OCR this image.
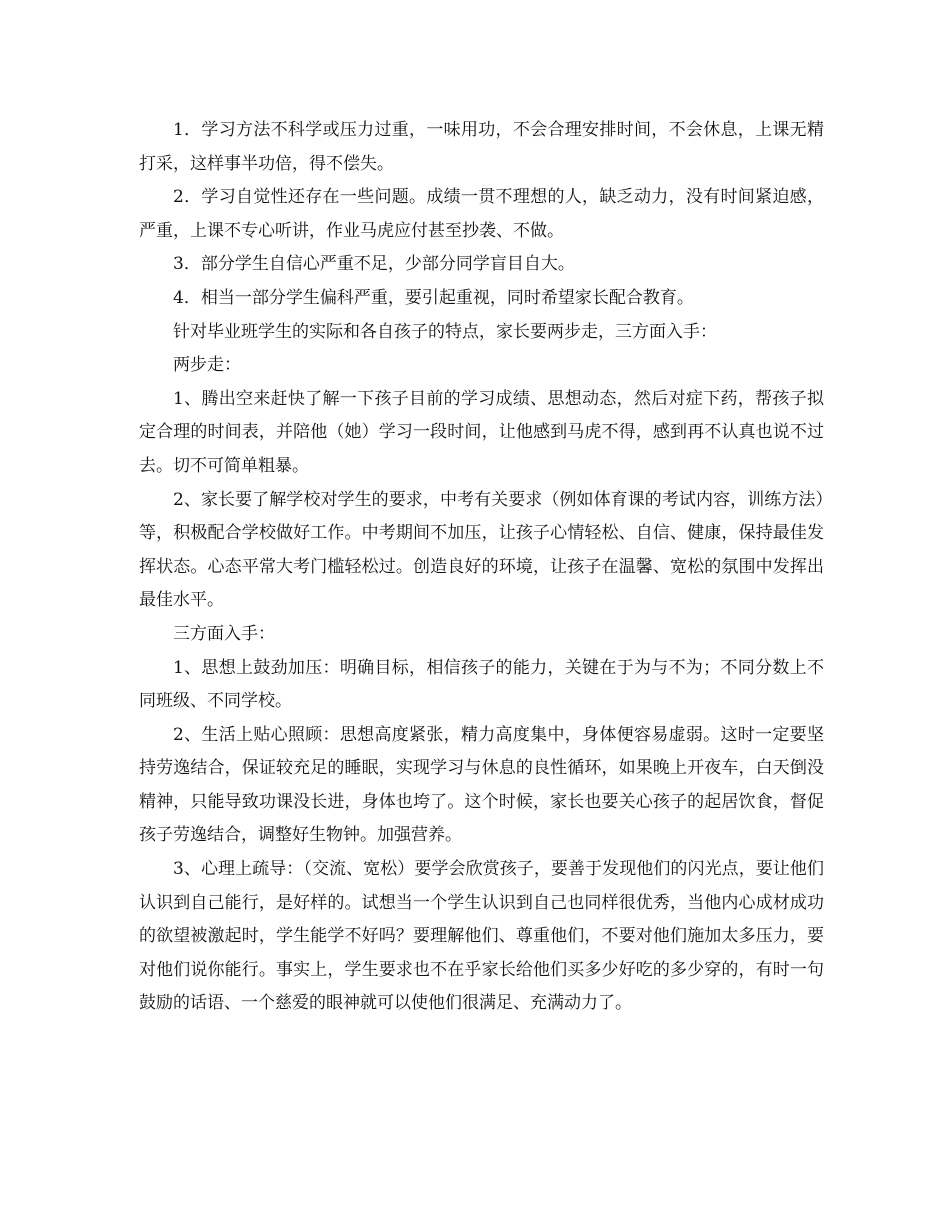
1．学习方法不科学或压力过重，一味用功，不会合理安排时间，不会休息，上课无精打采，这样事半功倍，得不偿失。

2．学习自觉性还存在一些问题。成绩一贯不理想的人，缺乏动力，没有时间紧迫感，严重，上课不专心听讲，作业马虎应付甚至抄袭、不做。

3．部分学生自信心严重不足，少部分同学盲目自大。

4．相当一部分学生偏科严重，要引起重视，同时希望家长配合教育。

针对毕业班学生的实际和各自孩子的特点，家长要两步走，三方面入手：

两步走：

1、腾出空来赶快了解一下孩子目前的学习成绩、思想动态，然后对症下药，帮孩子拟定合理的时间表，并陪他（她）学习一段时间，让他感到马虎不得，感到再不认真也说不过去。切不可简单粗暴。

2、家长要了解学校对学生的要求，中考有关要求（例如体育课的考试内容，训练方法）等，积极配合学校做好工作。中考期间不加压，让孩子心情轻松、自信、健康，保持最佳发挥状态。心态平常大考门槛轻松过。创造良好的环境，让孩子在温馨、宽松的氛围中发挥出最佳水平。

三方面入手：

1、思想上鼓劲加压：明确目标，相信孩子的能力，关键在于为与不为；不同分数上不同班级、不同学校。

2、生活上贴心照顾：思想高度紧张，精力高度集中，身体便容易虚弱。这时一定要坚持劳逸结合，保证较充足的睡眠，实现学习与休息的良性循环，如果晚上开夜车，白天倒没精神，只能导致功课没长进，身体也垮了。这个时候，家长也要关心孩子的起居饮食，督促孩子劳逸结合，调整好生物钟。加强营养。

3、心理上疏导：（交流、宽松）要学会欣赏孩子，要善于发现他们的闪光点，要让他们认识到自己能行，是好样的。试想当一个学生认识到自己也同样很优秀，当他内心成材成功的欲望被激起时，学生能学不好吗？要理解他们、尊重他们，不要对他们施加太多压力，要对他们说你能行。事实上，学生要求也不在乎家长给他们买多少好吃的多少穿的，有时一句鼓励的话语、一个慈爱的眼神就可以使他们很满足、充满动力了。
